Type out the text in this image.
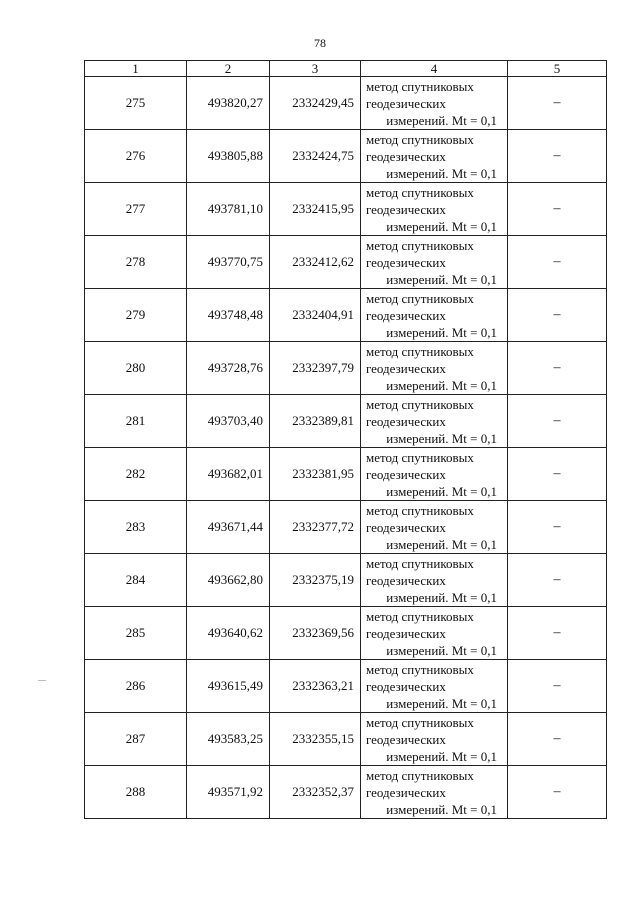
78
1	2	3	4	5
275	493820,27	2332429,45	метод спутниковых
геодезических
измерений. Mt = 0,1	–
276	493805,88	2332424,75	метод спутниковых
геодезических
измерений. Mt = 0,1	–
277	493781,10	2332415,95	метод спутниковых
геодезических
измерений. Mt = 0,1	–
278	493770,75	2332412,62	метод спутниковых
геодезических
измерений. Mt = 0,1	–
279	493748,48	2332404,91	метод спутниковых
геодезических
измерений. Mt = 0,1	–
280	493728,76	2332397,79	метод спутниковых
геодезических
измерений. Mt = 0,1	–
281	493703,40	2332389,81	метод спутниковых
геодезических
измерений. Mt = 0,1	–
282	493682,01	2332381,95	метод спутниковых
геодезических
измерений. Mt = 0,1	–
283	493671,44	2332377,72	метод спутниковых
геодезических
измерений. Mt = 0,1	–
284	493662,80	2332375,19	метод спутниковых
геодезических
измерений. Mt = 0,1	–
285	493640,62	2332369,56	метод спутниковых
геодезических
измерений. Mt = 0,1	–
286	493615,49	2332363,21	метод спутниковых
геодезических
измерений. Mt = 0,1	–
287	493583,25	2332355,15	метод спутниковых
геодезических
измерений. Mt = 0,1	–
288	493571,92	2332352,37	метод спутниковых
геодезических
измерений. Mt = 0,1	–
